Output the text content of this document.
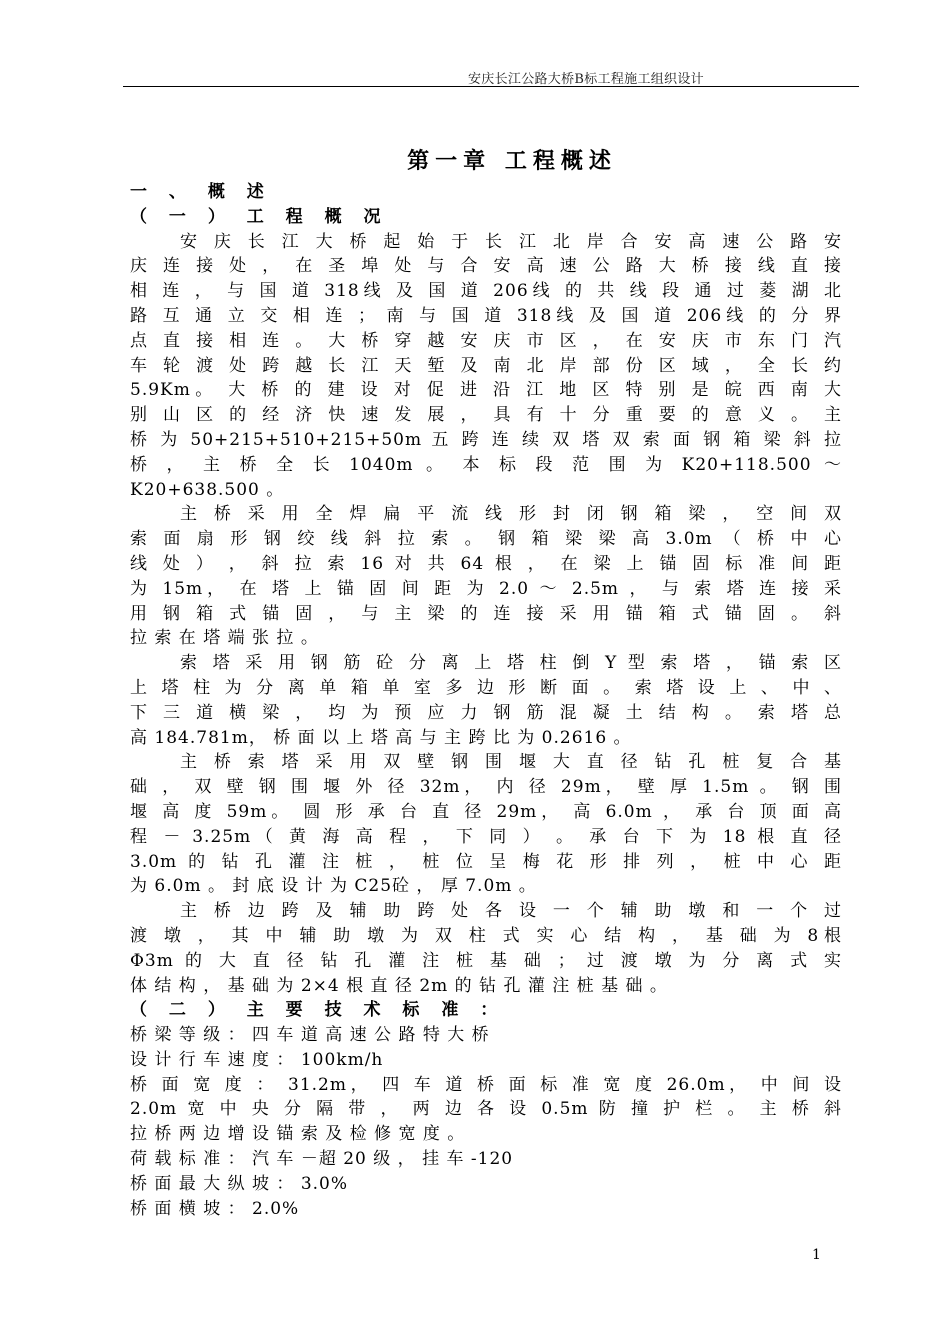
安庆长江公路大桥B标工程施工组织设计
第一章 工程概述
一 、 概 述
（ 一 ） 工 程 概 况
安 庆 长 江 大 桥 起 始 于 长 江 北 岸 合 安 高 速 公 路 安
庆 连 接 处 ， 在 圣 埠 处 与 合 安 高 速 公 路 大 桥 接 线 直 接
相 连 ， 与 国 道 318线 及 国 道 206线 的 共 线 段 通 过 菱 湖 北
路 互 通 立 交 相 连 ； 南 与 国 道 318线 及 国 道 206线 的 分 界
点 直 接 相 连 。 大 桥 穿 越 安 庆 市 区 ， 在 安 庆 市 东 门 汽
车 轮 渡 处 跨 越 长 江 天 堑 及 南 北 岸 部 份 区 域 ， 全 长 约
5.9Km。 大 桥 的 建 设 对 促 进 沿 江 地 区 特 别 是 皖 西 南 大
别 山 区 的 经 济 快 速 发 展 ， 具 有 十 分 重 要 的 意 义 。 主
桥 为 50+215+510+215+50m 五 跨 连 续 双 塔 双 索 面 钢 箱 梁 斜 拉
桥 ， 主 桥 全 长 1040m 。 本 标 段 范 围 为 K20+118.500 ～
K20+638.500 。
主 桥 采 用 全 焊 扁 平 流 线 形 封 闭 钢 箱 梁 ， 空 间 双
索 面 扇 形 钢 绞 线 斜 拉 索 。 钢 箱 梁 梁 高 3.0m （ 桥 中 心
线 处 ） ， 斜 拉 索 16 对 共 64 根 ， 在 梁 上 锚 固 标 准 间 距
为 15m， 在 塔 上 锚 固 间 距 为 2.0 ～ 2.5m ， 与 索 塔 连 接 采
用 钢 箱 式 锚 固 ， 与 主 梁 的 连 接 采 用 锚 箱 式 锚 固 。 斜
拉 索 在 塔 端 张 拉 。
索 塔 采 用 钢 筋 砼 分 离 上 塔 柱 倒 Y 型 索 塔 ， 锚 索 区
上 塔 柱 为 分 离 单 箱 单 室 多 边 形 断 面 。 索 塔 设 上 、 中 、
下 三 道 横 梁 ， 均 为 预 应 力 钢 筋 混 凝 土 结 构 。 索 塔 总
高 184.781m， 桥 面 以 上 塔 高 与 主 跨 比 为 0.2616 。
主 桥 索 塔 采 用 双 壁 钢 围 堰 大 直 径 钻 孔 桩 复 合 基
础 ， 双 壁 钢 围 堰 外 径 32m， 内 径 29m， 壁 厚 1.5m 。 钢 围
堰 高 度 59m。 圆 形 承 台 直 径 29m， 高 6.0m ， 承 台 顶 面 高
程 － 3.25m（ 黄 海 高 程 ， 下 同 ） 。 承 台 下 为 18 根 直 径
3.0m 的 钻 孔 灌 注 桩 ， 桩 位 呈 梅 花 形 排 列 ， 桩 中 心 距
为 6.0m 。 封 底 设 计 为 C25砼 ， 厚 7.0m 。
主 桥 边 跨 及 辅 助 跨 处 各 设 一 个 辅 助 墩 和 一 个 过
渡 墩 ， 其 中 辅 助 墩 为 双 柱 式 实 心 结 构 ， 基 础 为 8根
Φ3m 的 大 直 径 钻 孔 灌 注 桩 基 础 ； 过 渡 墩 为 分 离 式 实
体 结 构 ， 基 础 为 2×4 根 直 径 2m 的 钻 孔 灌 注 桩 基 础 。
（ 二 ） 主 要 技 术 标 准 ：
桥 梁 等 级 ： 四 车 道 高 速 公 路 特 大 桥
设 计 行 车 速 度 ： 100km/h
桥 面 宽 度 ： 31.2m， 四 车 道 桥 面 标 准 宽 度 26.0m， 中 间 设
2.0m 宽 中 央 分 隔 带 ， 两 边 各 设 0.5m 防 撞 护 栏 。 主 桥 斜
拉 桥 两 边 增 设 锚 索 及 检 修 宽 度 。
荷 载 标 准 ： 汽 车 －超 20 级 ， 挂 车 -120
桥 面 最 大 纵 坡 ： 3.0%
桥 面 横 坡 ： 2.0%
1
